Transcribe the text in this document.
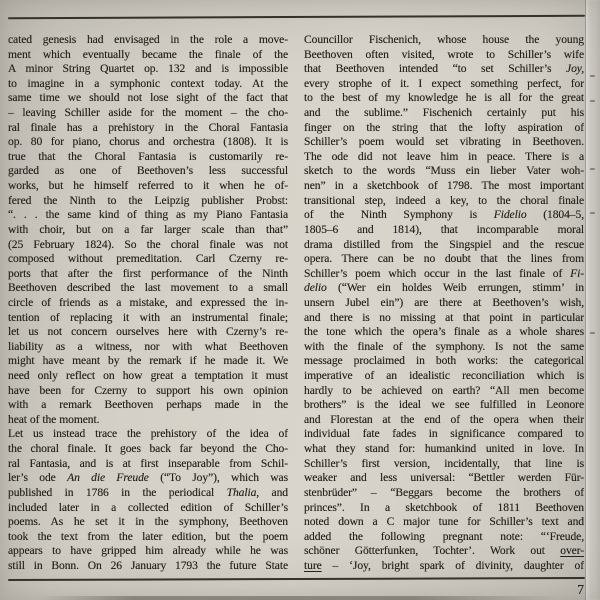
cated genesis had envisaged in the role a move-
ment which eventually became the finale of the
A minor String Quartet op. 132 and is impossible
to imagine in a symphonic context today. At the
same time we should not lose sight of the fact that
– leaving Schiller aside for the moment – the cho-
ral finale has a prehistory in the Choral Fantasia
op. 80 for piano, chorus and orchestra (1808). It is
true that the Choral Fantasia is customarily re-
garded as one of Beethoven’s less successful
works, but he himself referred to it when he of-
fered the Ninth to the Leipzig publisher Probst:
“. . . the same kind of thing as my Piano Fantasia
with choir, but on a far larger scale than that”
(25 February 1824). So the choral finale was not
composed without premeditation. Carl Czerny re-
ports that after the first performance of the Ninth
Beethoven described the last movement to a small
circle of friends as a mistake, and expressed the in-
tention of replacing it with an instrumental finale;
let us not concern ourselves here with Czerny’s re-
liability as a witness, nor with what Beethoven
might have meant by the remark if he made it. We
need only reflect on how great a temptation it must
have been for Czerny to support his own opinion
with a remark Beethoven perhaps made in the
heat of the moment.
Let us instead trace the prehistory of the idea of
the choral finale. It goes back far beyond the Cho-
ral Fantasia, and is at first inseparable from Schil-
ler’s ode An die Freude (“To Joy”), which was
published in 1786 in the periodical Thalia, and
included later in a collected edition of Schiller’s
poems. As he set it in the symphony, Beethoven
took the text from the later edition, but the poem
appears to have gripped him already while he was
still in Bonn. On 26 January 1793 the future State
Councillor Fischenich, whose house the young
Beethoven often visited, wrote to Schiller’s wife
that Beethoven intended “to set Schiller’s Joy,
every strophe of it. I expect something perfect, for
to the best of my knowledge he is all for the great
and the sublime.” Fischenich certainly put his
finger on the string that the lofty aspiration of
Schiller’s poem would set vibrating in Beethoven.
The ode did not leave him in peace. There is a
sketch to the words “Muss ein lieber Vater woh-
nen” in a sketchbook of 1798. The most important
transitional step, indeed a key, to the choral finale
of the Ninth Symphony is Fidelio (1804–5,
1805–6 and 1814), that incomparable moral
drama distilled from the Singspiel and the rescue
opera. There can be no doubt that the lines from
Schiller’s poem which occur in the last finale of Fi-
delio (“Wer ein holdes Weib errungen, stimm’ in
unsern Jubel ein”) are there at Beethoven’s wish,
and there is no missing at that point in particular
the tone which the opera’s finale as a whole shares
with the finale of the symphony. Is not the same
message proclaimed in both works: the categorical
imperative of an idealistic reconciliation which is
hardly to be achieved on earth? “All men become
brothers” is the ideal we see fulfilled in Leonore
and Florestan at the end of the opera when their
individual fate fades in significance compared to
what they stand for: humankind united in love. In
Schiller’s first version, incidentally, that line is
weaker and less universal: “Bettler werden Für-
stenbrüder” – “Beggars become the brothers of
princes”. In a sketchbook of 1811 Beethoven
noted down a C major tune for Schiller’s text and
added the following pregnant note: “‘Freude,
schöner Götterfunken, Tochter’. Work out over-
ture – ‘Joy, bright spark of divinity, daughter of
7
